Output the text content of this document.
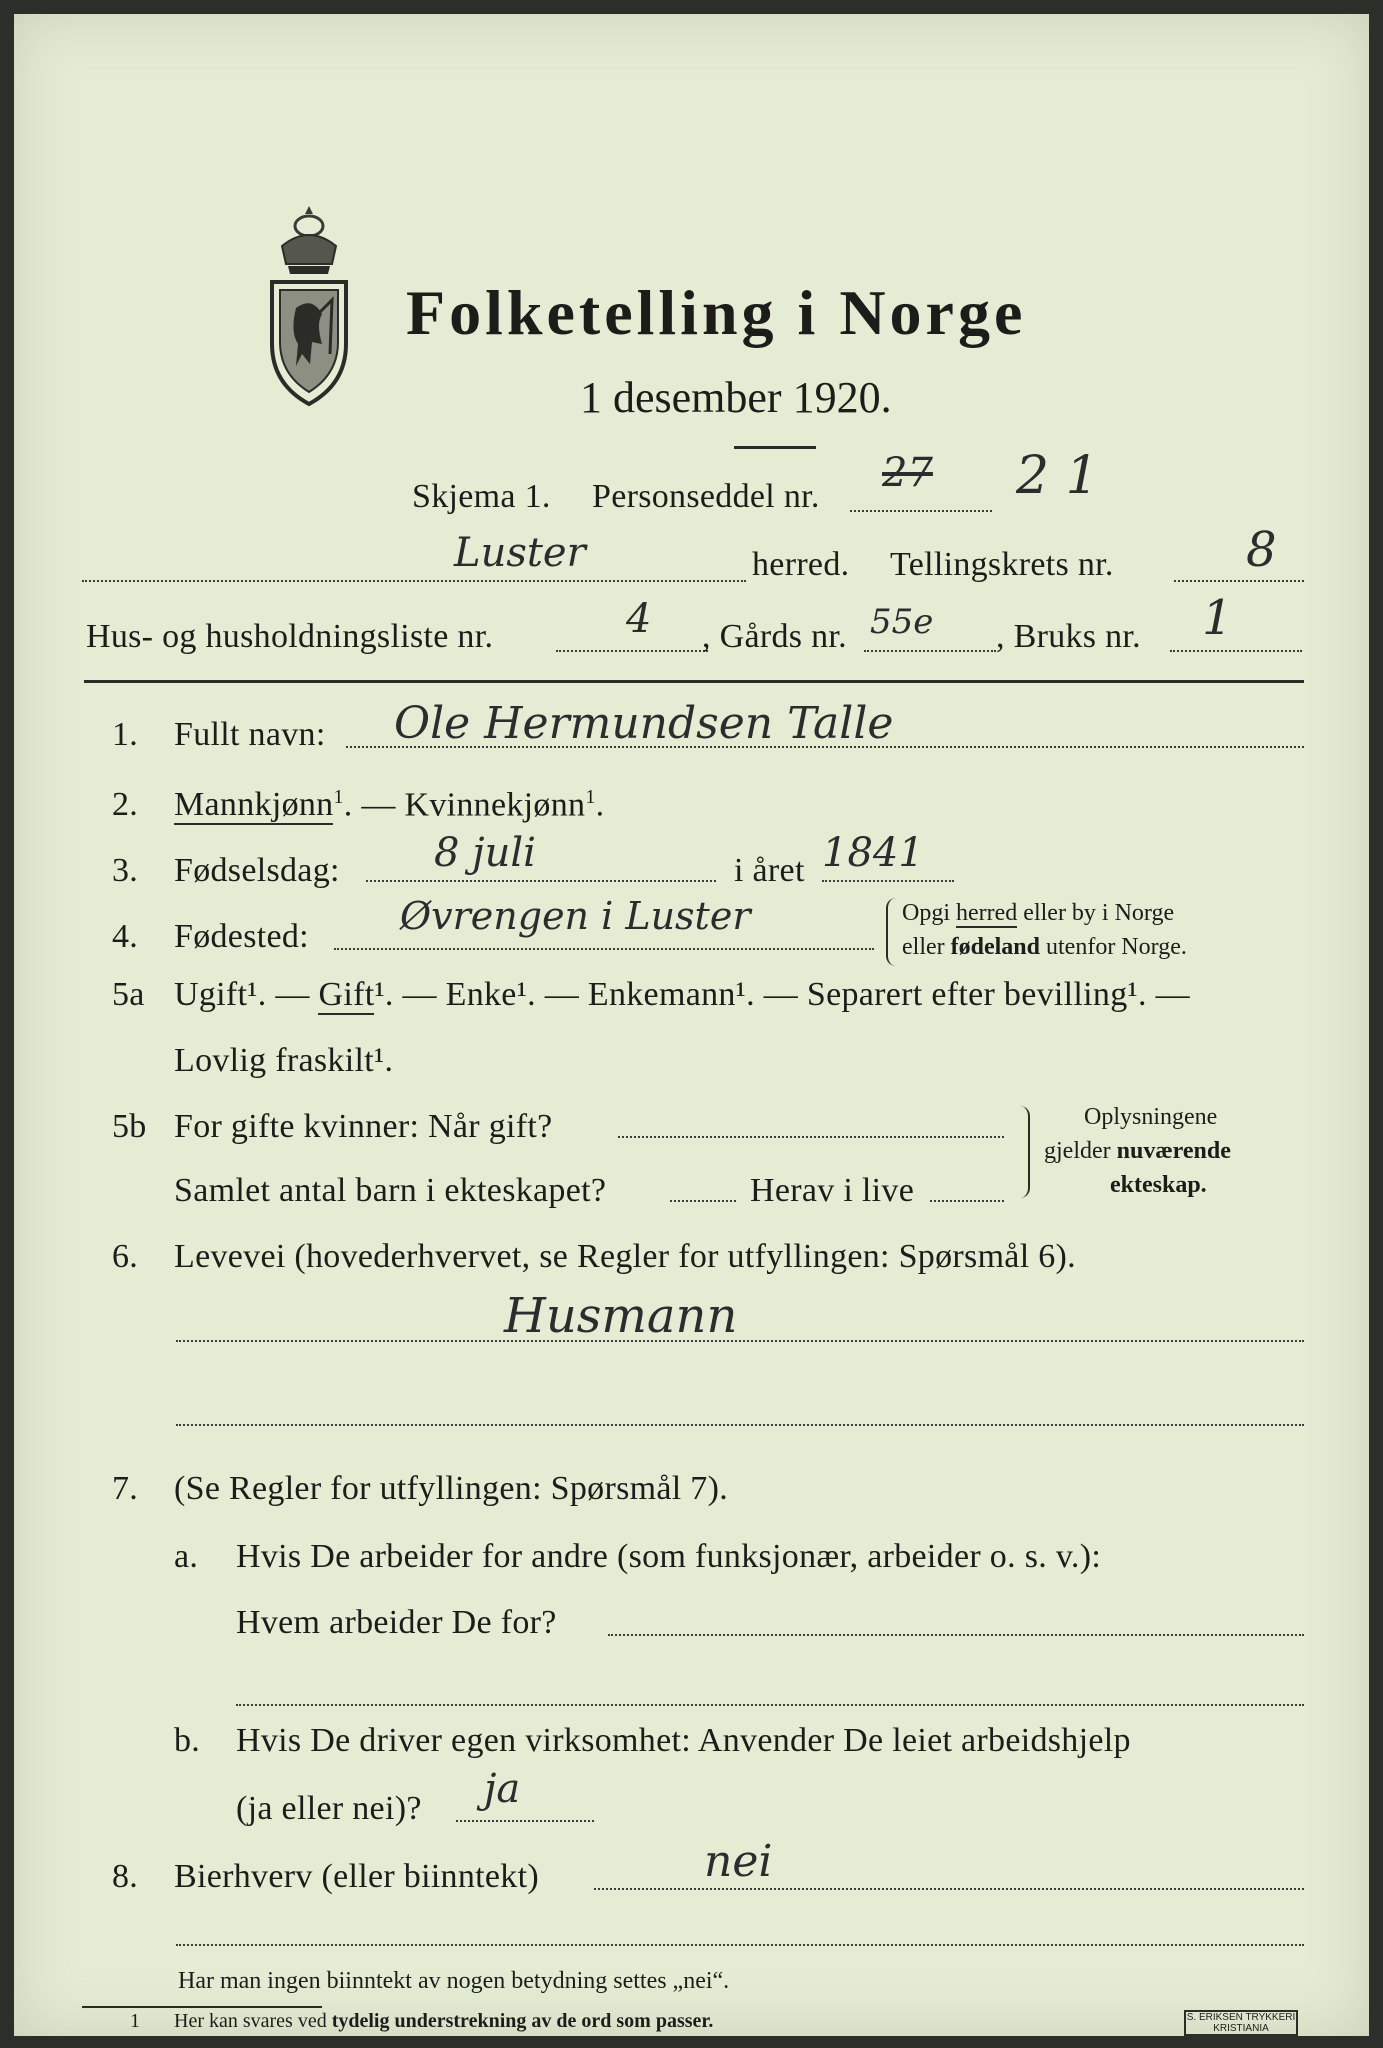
Folketelling i Norge
1 desember 1920.
Skjema 1. Personseddel nr.
27 2 1
Luster	herred. Tellingskrets nr.	8
Hus- og husholdningsliste nr.	4 , Gårds nr. 55e , Bruks nr. 1
1. Fullt navn: Ole Hermundsen Talle
2. Mannkjønn$^1$. — Kvinnekjønn$^1$.
3. Fødselsdag: 8 juli	i året 1841
4. Fødested: Øvrengen i Luster	Opgi herred eller by i Norge
eller fødeland utenfor Norge.
5a Ugift¹. — Gift¹. — Enke¹. — Enkemann¹. — Separert efter bevilling¹. —
Lovlig fraskilt¹.
5b For gifte kvinner: Når gift?
Samlet antal barn i ekteskapet?	Herav i live
Oplysningene
gjelder nuværende
ekteskap.
6. Levevei (hovederhvervet, se Regler for utfyllingen: Spørsmål 6).
Husmann
7. (Se Regler for utfyllingen: Spørsmål 7).
a. Hvis De arbeider for andre (som funksjonær, arbeider o. s. v.):
Hvem arbeider De for?
b. Hvis De driver egen virksomhet: Anvender De leiet arbeidshjelp
(ja eller nei)? ja
8. Bierhverv (eller biinntekt)	nei
Har man ingen biinntekt av nogen betydning settes „nei“.
1 Her kan svares ved tydelig understrekning av de ord som passer.	S. ERIKSEN TRYKKERI
KRISTIANIA
